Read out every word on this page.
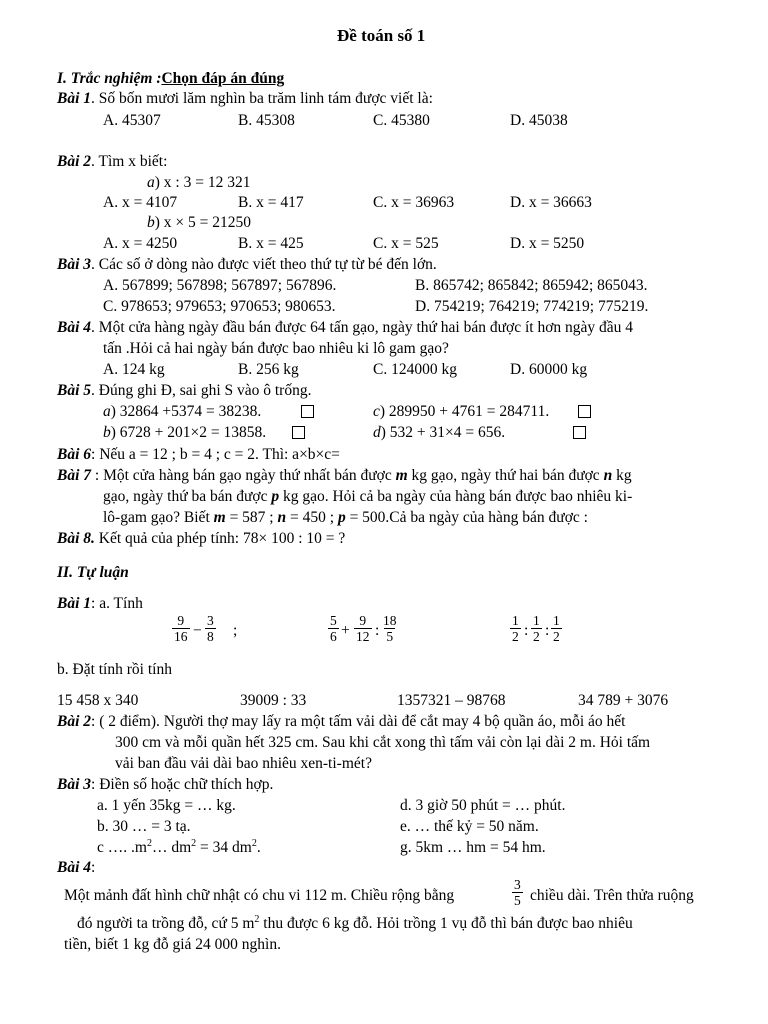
Đề toán số 1
I. Trắc nghiệm :Chọn đáp án đúng
Bài 1. Số bốn mươi lăm nghìn ba trăm linh tám được viết là:
A. 45307	B. 45308	C. 45380	D. 45038
Bài 2. Tìm x biết:
a) x : 3 = 12 321
A. x = 4107	B. x = 417	C. x = 36963	D. x = 36663
b) x × 5 = 21250
A. x = 4250	B. x = 425	C. x = 525	D. x = 5250
Bài 3. Các số ở dòng nào được viết theo thứ tự từ bé đến lớn.
A. 567899; 567898; 567897; 567896.	B. 865742; 865842; 865942; 865043.
C. 978653; 979653; 970653; 980653.	D. 754219; 764219; 774219; 775219.
Bài 4. Một cửa hàng ngày đầu bán được 64 tấn gạo, ngày thứ hai bán được ít hơn ngày đầu 4
tấn .Hỏi cả hai ngày bán được bao nhiêu ki lô gam gạo?
A. 124 kg	B. 256 kg	C. 124000 kg	D. 60000 kg
Bài 5. Đúng ghi Đ, sai ghi S vào ô trống.
a) 32864 +5374 = 38238.	c) 289950 + 4761 = 284711.
b) 6728 + 201×2 = 13858.	d) 532 + 31×4 = 656.
Bài 6: Nếu a = 12 ; b = 4 ; c = 2. Thì: a×b×c=
Bài 7 : Một cửa hàng bán gạo ngày thứ nhất bán được m kg gạo, ngày thứ hai bán được n kg
gạo, ngày thứ ba bán được p kg gạo. Hỏi cả ba ngày của hàng bán được bao nhiêu ki-
lô-gam gạo? Biết m = 587 ; n = 450 ; p = 500.Cả ba ngày của hàng bán được :
Bài 8. Kết quả của phép tính: 78× 100 : 10 = ?
II. Tự luận
Bài 1: a. Tính
$\frac{9}{16} - \frac{3}{8}$ ;	$\frac{5}{6} + \frac{9}{12}$ : $\frac{18}{5}$	$\frac{1}{2}$ : $\frac{1}{2}$ : $\frac{1}{2}$
b. Đặt tính rồi tính
15 458 x 340	39009 : 33	1357321 – 98768	34 789 + 3076
Bài 2: ( 2 điểm). Người thợ may lấy ra một tấm vải dài để cắt may 4 bộ quần áo, mỗi áo hết
300 cm và mỗi quần hết 325 cm. Sau khi cắt xong thì tấm vải còn lại dài 2 m. Hỏi tấm
vải ban đầu vải dài bao nhiêu xen-ti-mét?
Bài 3: Điền số hoặc chữ thích hợp.
a. 1 yến 35kg = … kg.	d. 3 giờ 50 phút = … phút.
b. 30 … = 3 tạ.	e. … thế kỷ = 50 năm.
c …. $.m^2\dots$ $dm^2 = 34$ $dm^2$.	g. 5km … hm = 54 hm.
Bài 4:
Một mảnh đất hình chữ nhật có chu vi 112 m. Chiều rộng bằng	$\frac{3}{5}$ chiều dài. Trên thửa ruộng
đó người ta trồng đỗ, cứ 5 $m^2$ thu được 6 kg đỗ. Hỏi trồng 1 vụ đỗ thì bán được bao nhiêu
tiền, biết 1 kg đỗ giá 24 000 nghìn.
